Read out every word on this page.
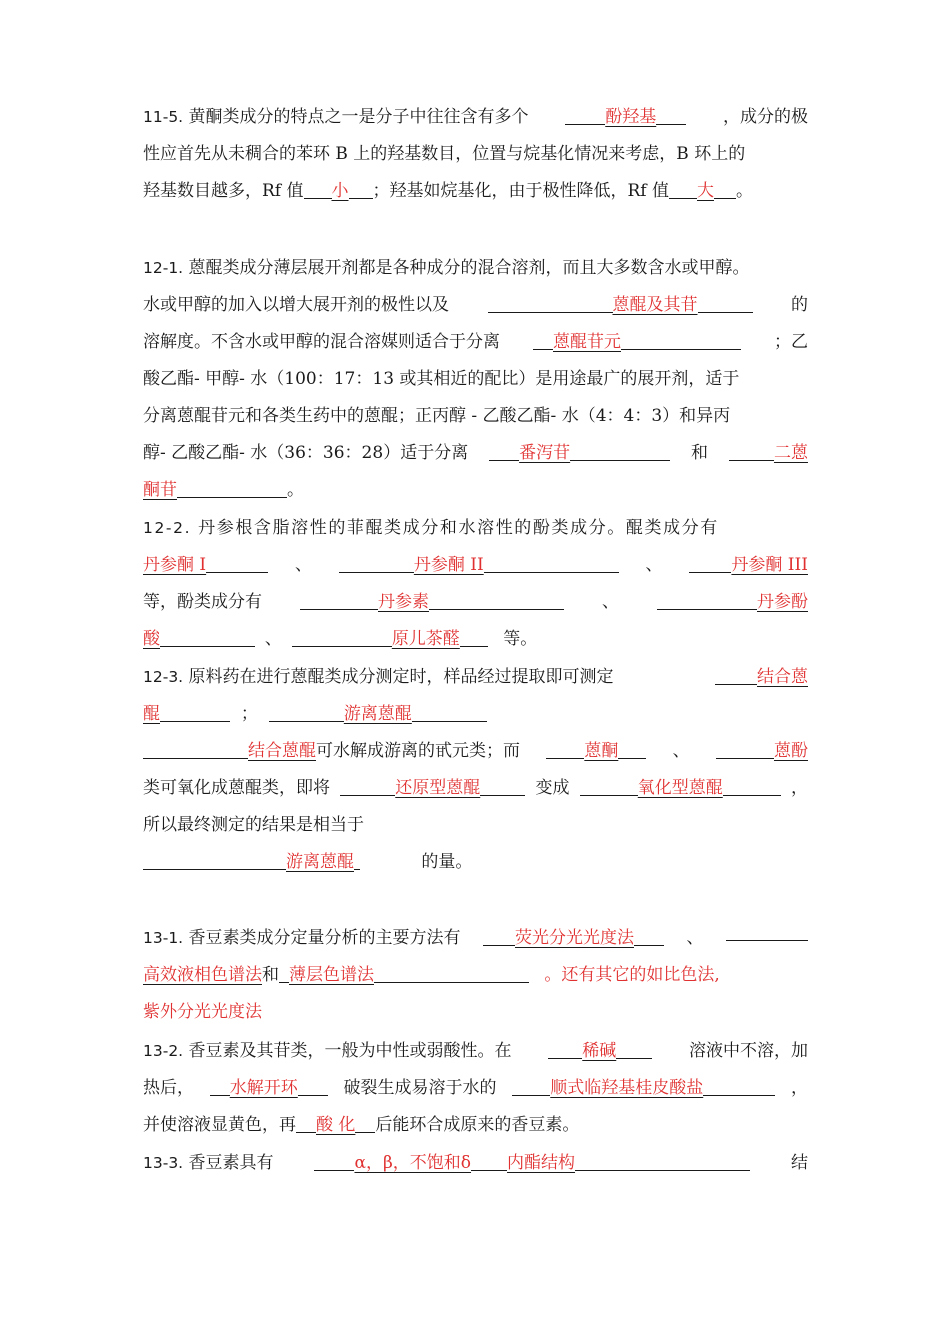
11-5. 黄酮类成分的特点之一是分子中往往含有多个	酚羟基	，成分的极
性应首先从未稠合的苯环 B 上的羟基数目，位置与烷基化情况来考虑，B 环上的
羟基数目越多，Rf 值 小 ；羟基如烷基化，由于极性降低，Rf 值 大 。
12-1. 蒽醌类成分薄层展开剂都是各种成分的混合溶剂，而且大多数含水或甲醇。
水或甲醇的加入以增大展开剂的极性以及	蒽醌及其苷	的
溶解度。不含水或甲醇的混合溶媒则适合于分离	蒽醌苷元	；乙
酸乙酯- 甲醇- 水（100：17：13 或其相近的配比）是用途最广的展开剂，适于
分离蒽醌苷元和各类生药中的蒽醌；正丙醇 - 乙酸乙酯- 水（4：4：3）和异丙
醇- 乙酸乙酯- 水（36：36：28）适于分离	番泻苷	和	二蒽
酮苷	。
12-2. 丹参根含脂溶性的菲醌类成分和水溶性的酚类成分。醌类成分有
丹参酮 I	、	丹参酮 II	、	丹参酮 III
等，酚类成分有	丹参素	、	丹参酚
酸	、	原儿茶醛	等。
12-3. 原料药在进行蒽醌类成分测定时，样品经过提取即可测定	结合蒽
醌	；	游离蒽醌
结合蒽醌可水解成游离的甙元类；而	蒽酮	、	蒽酚
类可氧化成蒽醌类，即将	还原型蒽醌	变成	氧化型蒽醌	，
所以最终测定的结果是相当于
游离蒽醌	的量。
13-1. 香豆素类成分定量分析的主要方法有	荧光分光光度法	、
高效液相色谱法和 薄层色谱法	。还有其它的如比色法,
紫外分光光度法
13-2. 香豆素及其苷类，一般为中性或弱酸性。在	稀碱	溶液中不溶，加
热后，	水解开环	破裂生成易溶于水的	顺式临羟基桂皮酸盐	，
并使溶液显黄色，再 酸 化 后能环合成原来的香豆素。
13-3. 香豆素具有	α，β，不饱和δ 内酯结构	结
